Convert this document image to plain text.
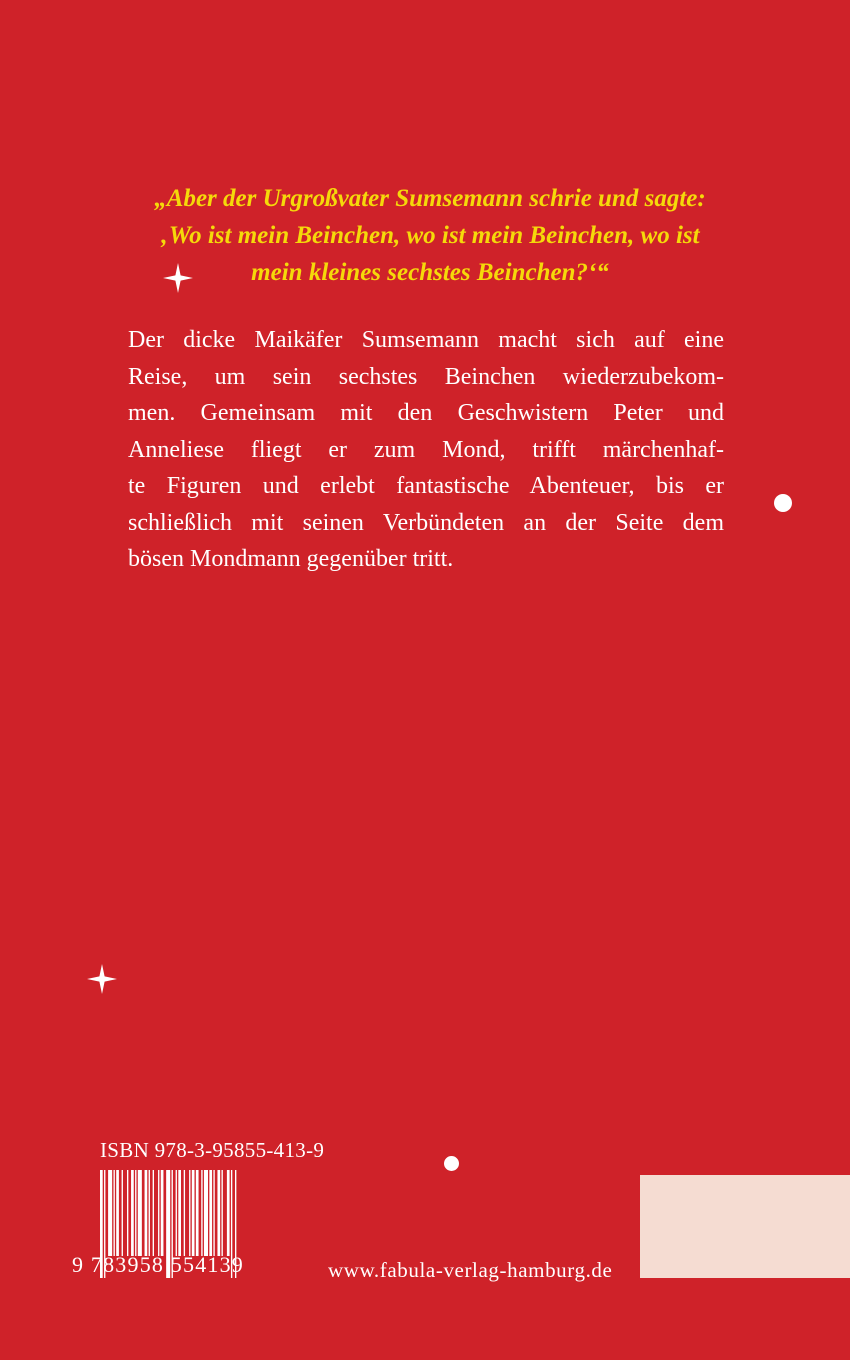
„Aber der Urgroßvater Sumsemann schrie und sagte:
‚Wo ist mein Beinchen, wo ist mein Beinchen, wo ist
mein kleines sechstes Beinchen?‘“
Der dicke Maikäfer Sumsemann macht sich auf eine
Reise, um sein sechstes Beinchen wiederzubekom-
men. Gemeinsam mit den Geschwistern Peter und
Anneliese fliegt er zum Mond, trifft märchenhaf-
te Figuren und erlebt fantastische Abenteuer, bis er
schließlich mit seinen Verbündeten an der Seite dem
bösen Mondmann gegenüber tritt.
ISBN 978-3-95855-413-9
9 783958 554139	www.fabula-verlag-hamburg.de
